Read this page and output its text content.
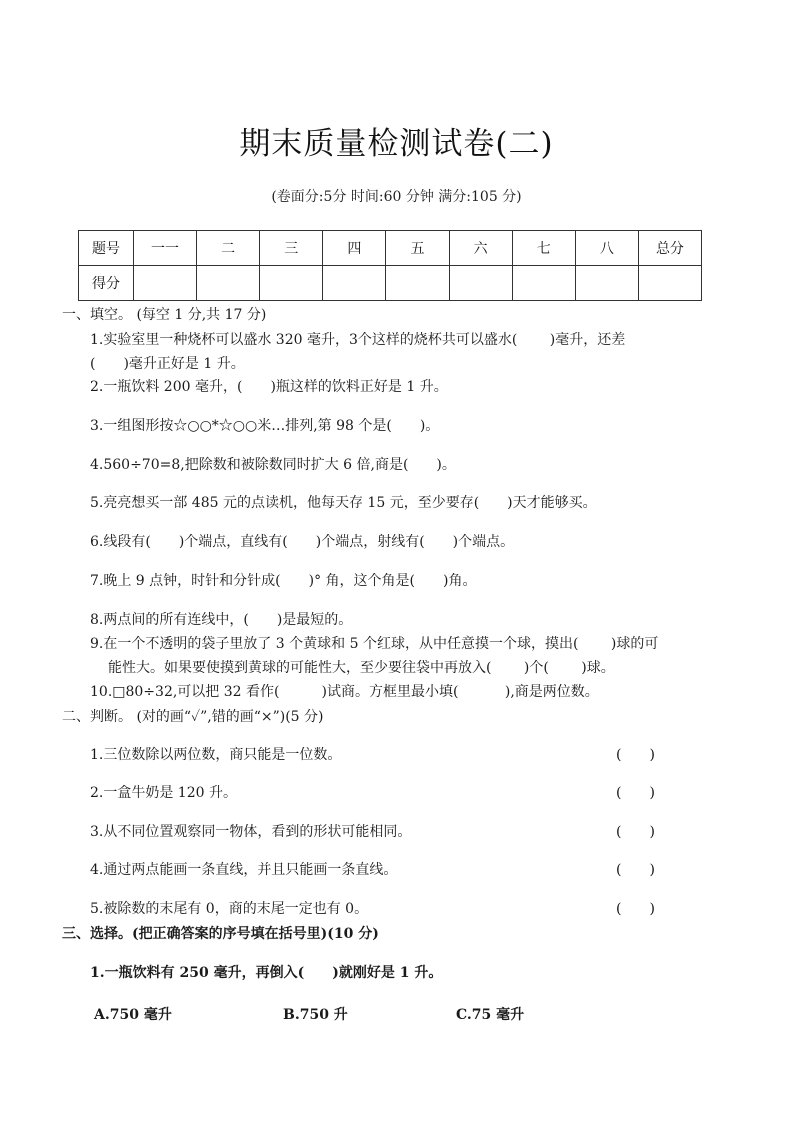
期末质量检测试卷(二)
(卷面分:5分 时间:60 分钟 满分:105 分)
题号	一一	二	三	四	五	六	七	八	总分
得分									
一、填空。 (每空 1 分,共 17 分)
1.实验室里一种烧杯可以盛水 320 毫升，3个这样的烧杯共可以盛水(　　 )毫升，还差
(　　)毫升正好是 1 升。
2.一瓶饮料 200 毫升，(　　)瓶这样的饮料正好是 1 升。
3.一组图形按☆○○*☆○○米…排列,第 98 个是(　　)。
4.560÷70=8,把除数和被除数同时扩大 6 倍,商是(　　)。
5.亮亮想买一部 485 元的点读机，他每天存 15 元，至少要存(　　)天才能够买。
6.线段有(　　)个端点，直线有(　　)个端点，射线有(　　)个端点。
7.晚上 9 点钟，时针和分针成(　　)° 角，这个角是(　　)角。
8.两点间的所有连线中，(　　)是最短的。
9.在一个不透明的袋子里放了 3 个黄球和 5 个红球，从中任意摸一个球，摸出(　　 )球的可
能性大。如果要使摸到黄球的可能性大，至少要往袋中再放入(　　 )个(　　 )球。
10.□80÷32,可以把 32 看作(　　　)试商。方框里最小填(　　　 ),商是两位数。
二、判断。 (对的画“✓”,错的画“×”)(5 分)
1.三位数除以两位数，商只能是一位数。	(　　)
2.一盒牛奶是 120 升。	(　　)
3.从不同位置观察同一物体，看到的形状可能相同。	(　　)
4.通过两点能画一条直线，并且只能画一条直线。	(　　)
5.被除数的末尾有 0，商的末尾一定也有 0。	(　　)
三、选择。(把正确答案的序号填在括号里)(10 分)
1.一瓶饮料有 250 毫升，再倒入(　　)就刚好是 1 升。
A.750 毫升	B.750 升	C.75 毫升
